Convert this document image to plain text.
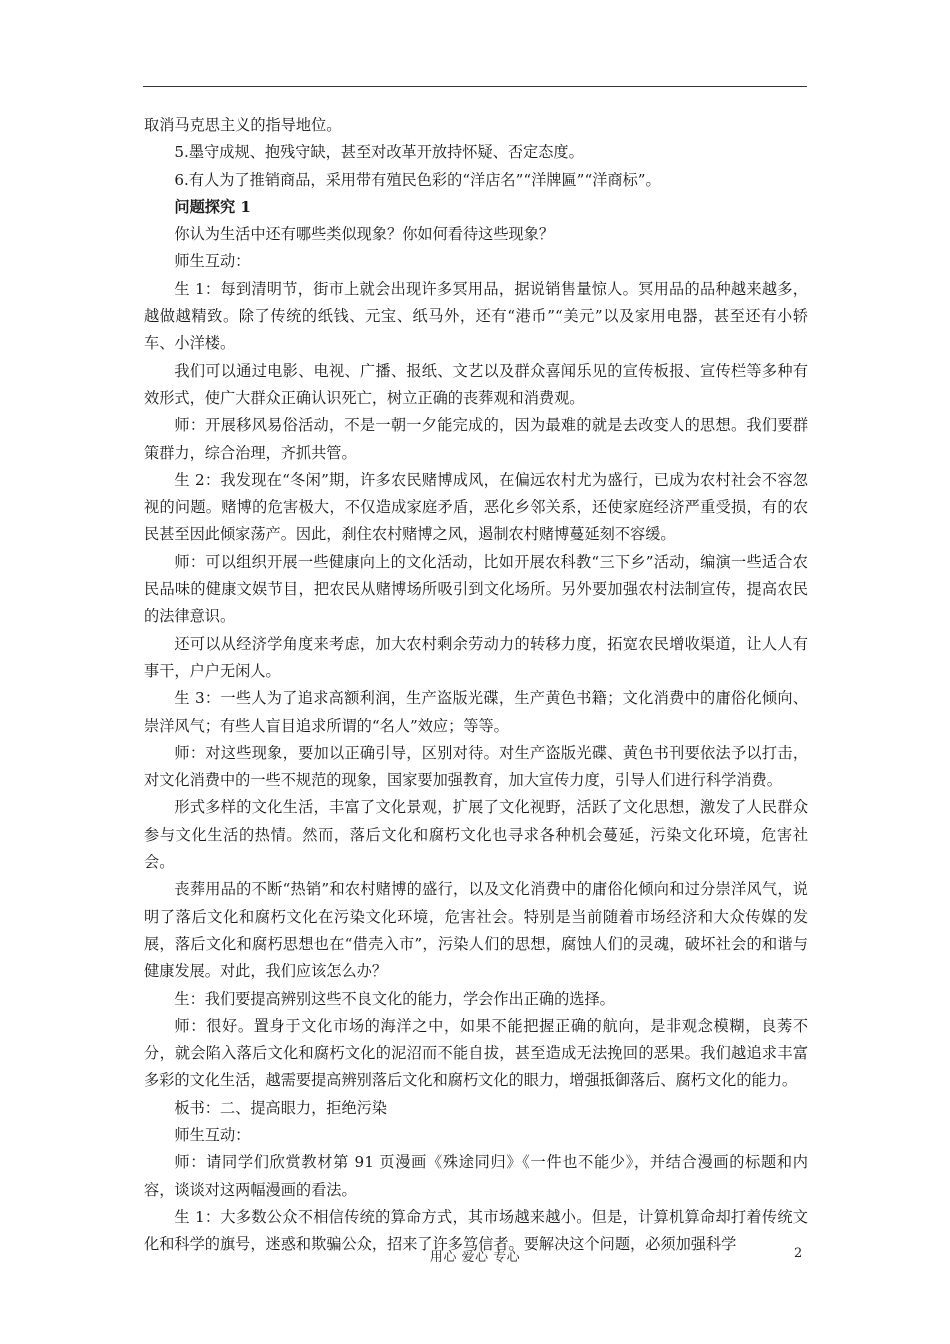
取消马克思主义的指导地位。

5.墨守成规、抱残守缺，甚至对改革开放持怀疑、否定态度。

6.有人为了推销商品，采用带有殖民色彩的“洋店名”“洋牌匾”“洋商标”。

问题探究 1

你认为生活中还有哪些类似现象？你如何看待这些现象？

师生互动：

生 1：每到清明节，街市上就会出现许多冥用品，据说销售量惊人。冥用品的品种越来越多，越做越精致。除了传统的纸钱、元宝、纸马外，还有“港币”“美元”以及家用电器，甚至还有小轿车、小洋楼。

我们可以通过电影、电视、广播、报纸、文艺以及群众喜闻乐见的宣传板报、宣传栏等多种有效形式，使广大群众正确认识死亡，树立正确的丧葬观和消费观。

师：开展移风易俗活动，不是一朝一夕能完成的，因为最难的就是去改变人的思想。我们要群策群力，综合治理，齐抓共管。

生 2：我发现在“冬闲”期，许多农民赌博成风，在偏远农村尤为盛行，已成为农村社会不容忽视的问题。赌博的危害极大，不仅造成家庭矛盾，恶化乡邻关系，还使家庭经济严重受损，有的农民甚至因此倾家荡产。因此，刹住农村赌博之风，遏制农村赌博蔓延刻不容缓。

师：可以组织开展一些健康向上的文化活动，比如开展农科教“三下乡”活动，编演一些适合农民品味的健康文娱节目，把农民从赌博场所吸引到文化场所。另外要加强农村法制宣传，提高农民的法律意识。

还可以从经济学角度来考虑，加大农村剩余劳动力的转移力度，拓宽农民增收渠道，让人人有事干，户户无闲人。

生 3：一些人为了追求高额利润，生产盗版光碟，生产黄色书籍；文化消费中的庸俗化倾向、崇洋风气；有些人盲目追求所谓的“名人”效应；等等。

师：对这些现象，要加以正确引导，区别对待。对生产盗版光碟、黄色书刊要依法予以打击，对文化消费中的一些不规范的现象，国家要加强教育，加大宣传力度，引导人们进行科学消费。

形式多样的文化生活，丰富了文化景观，扩展了文化视野，活跃了文化思想，激发了人民群众参与文化生活的热情。然而，落后文化和腐朽文化也寻求各种机会蔓延，污染文化环境，危害社会。

丧葬用品的不断“热销”和农村赌博的盛行，以及文化消费中的庸俗化倾向和过分崇洋风气，说明了落后文化和腐朽文化在污染文化环境，危害社会。特别是当前随着市场经济和大众传媒的发展，落后文化和腐朽思想也在“借壳入市”，污染人们的思想，腐蚀人们的灵魂，破坏社会的和谐与健康发展。对此，我们应该怎么办？

生：我们要提高辨别这些不良文化的能力，学会作出正确的选择。

师：很好。置身于文化市场的海洋之中，如果不能把握正确的航向，是非观念模糊，良莠不分，就会陷入落后文化和腐朽文化的泥沼而不能自拔，甚至造成无法挽回的恶果。我们越追求丰富多彩的文化生活，越需要提高辨别落后文化和腐朽文化的眼力，增强抵御落后、腐朽文化的能力。

板书：二、提高眼力，拒绝污染

师生互动：

师：请同学们欣赏教材第 91 页漫画《殊途同归》《一件也不能少》，并结合漫画的标题和内容，谈谈对这两幅漫画的看法。

生 1：大多数公众不相信传统的算命方式，其市场越来越小。但是，计算机算命却打着传统文化和科学的旗号，迷惑和欺骗公众，招来了许多笃信者。要解决这个问题，必须加强科学

用心 爱心 专心	2
